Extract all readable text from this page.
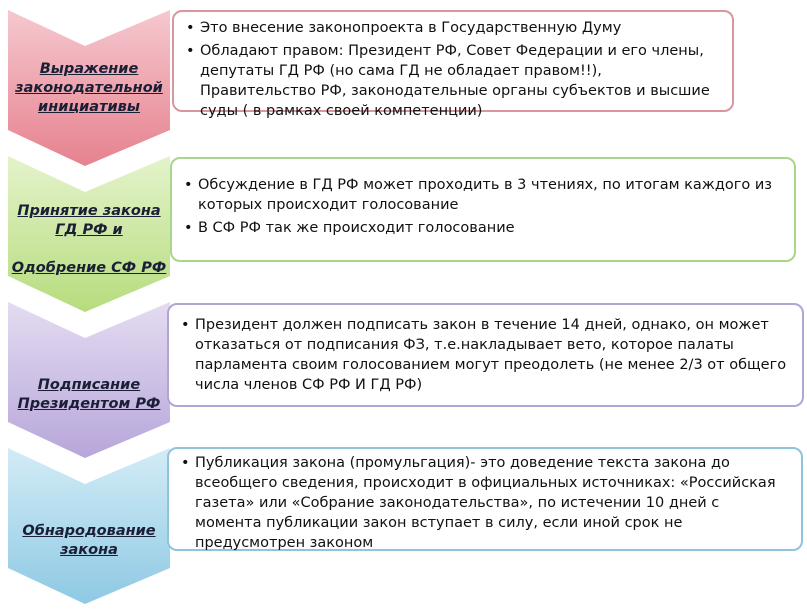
Выражение
законодательной
инициативы
• Это внесение законопроекта в Государственную Думу
• Обладают правом: Президент РФ, Совет Федерации и его члены, депутаты ГД РФ (но сама ГД не обладает правом!!), Правительство РФ, законодательные органы субъектов и высшие суды ( в рамках своей компетенции)
Принятие закона
ГД РФ и

Одобрение СФ РФ
• Обсуждение в ГД РФ может проходить в 3 чтениях, по итогам каждого из которых происходит голосование
• В СФ РФ так же происходит голосование
Подписание
Президентом РФ
• Президент должен подписать закон в течение 14 дней, однако, он может отказаться от подписания ФЗ, т.е.накладывает вето, которое палаты парламента своим голосованием могут преодолеть (не менее 2/3 от общего числа членов СФ РФ И ГД РФ)
Обнародование
закона
• Публикация закона (промульгация)- это доведение текста закона до всеобщего сведения, происходит в официальных источниках: «Российская газета» или «Собрание законодательства», по истечении 10 дней с момента публикации закон вступает в силу, если иной срок не предусмотрен законом
